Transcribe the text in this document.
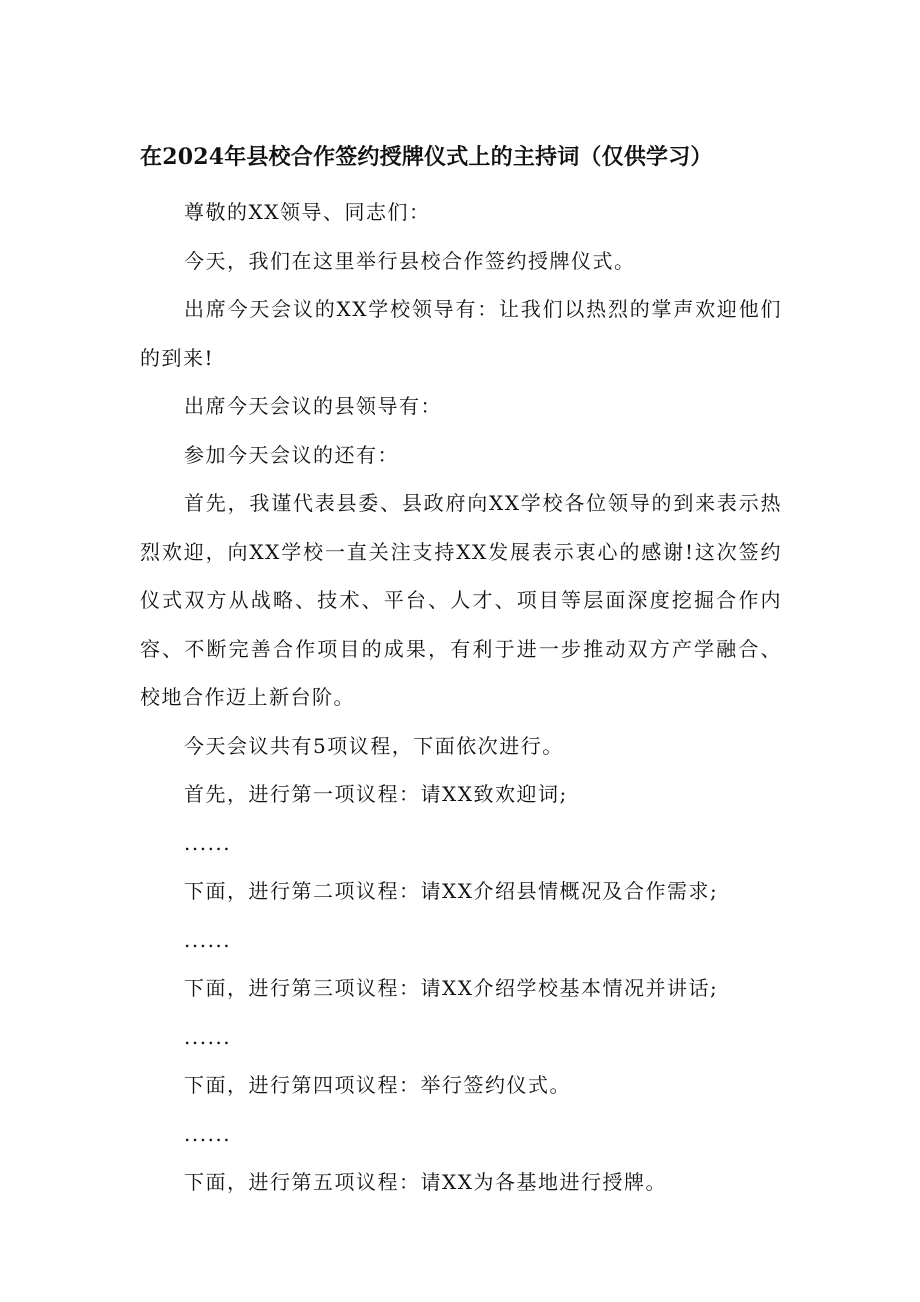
在2024年县校合作签约授牌仪式上的主持词（仅供学习）

尊敬的XX领导、同志们：

今天，我们在这里举行县校合作签约授牌仪式。

出席今天会议的XX学校领导有：让我们以热烈的掌声欢迎他们的到来!

出席今天会议的县领导有：

参加今天会议的还有：

首先，我谨代表县委、县政府向XX学校各位领导的到来表示热烈欢迎，向XX学校一直关注支持XX发展表示衷心的感谢!这次签约仪式双方从战略、技术、平台、人才、项目等层面深度挖掘合作内容、不断完善合作项目的成果，有利于进一步推动双方产学融合、校地合作迈上新台阶。

今天会议共有5项议程，下面依次进行。

首先，进行第一项议程：请XX致欢迎词;

......

下面，进行第二项议程：请XX介绍县情概况及合作需求;

......

下面，进行第三项议程：请XX介绍学校基本情况并讲话;

......

下面，进行第四项议程：举行签约仪式。

......

下面，进行第五项议程：请XX为各基地进行授牌。
